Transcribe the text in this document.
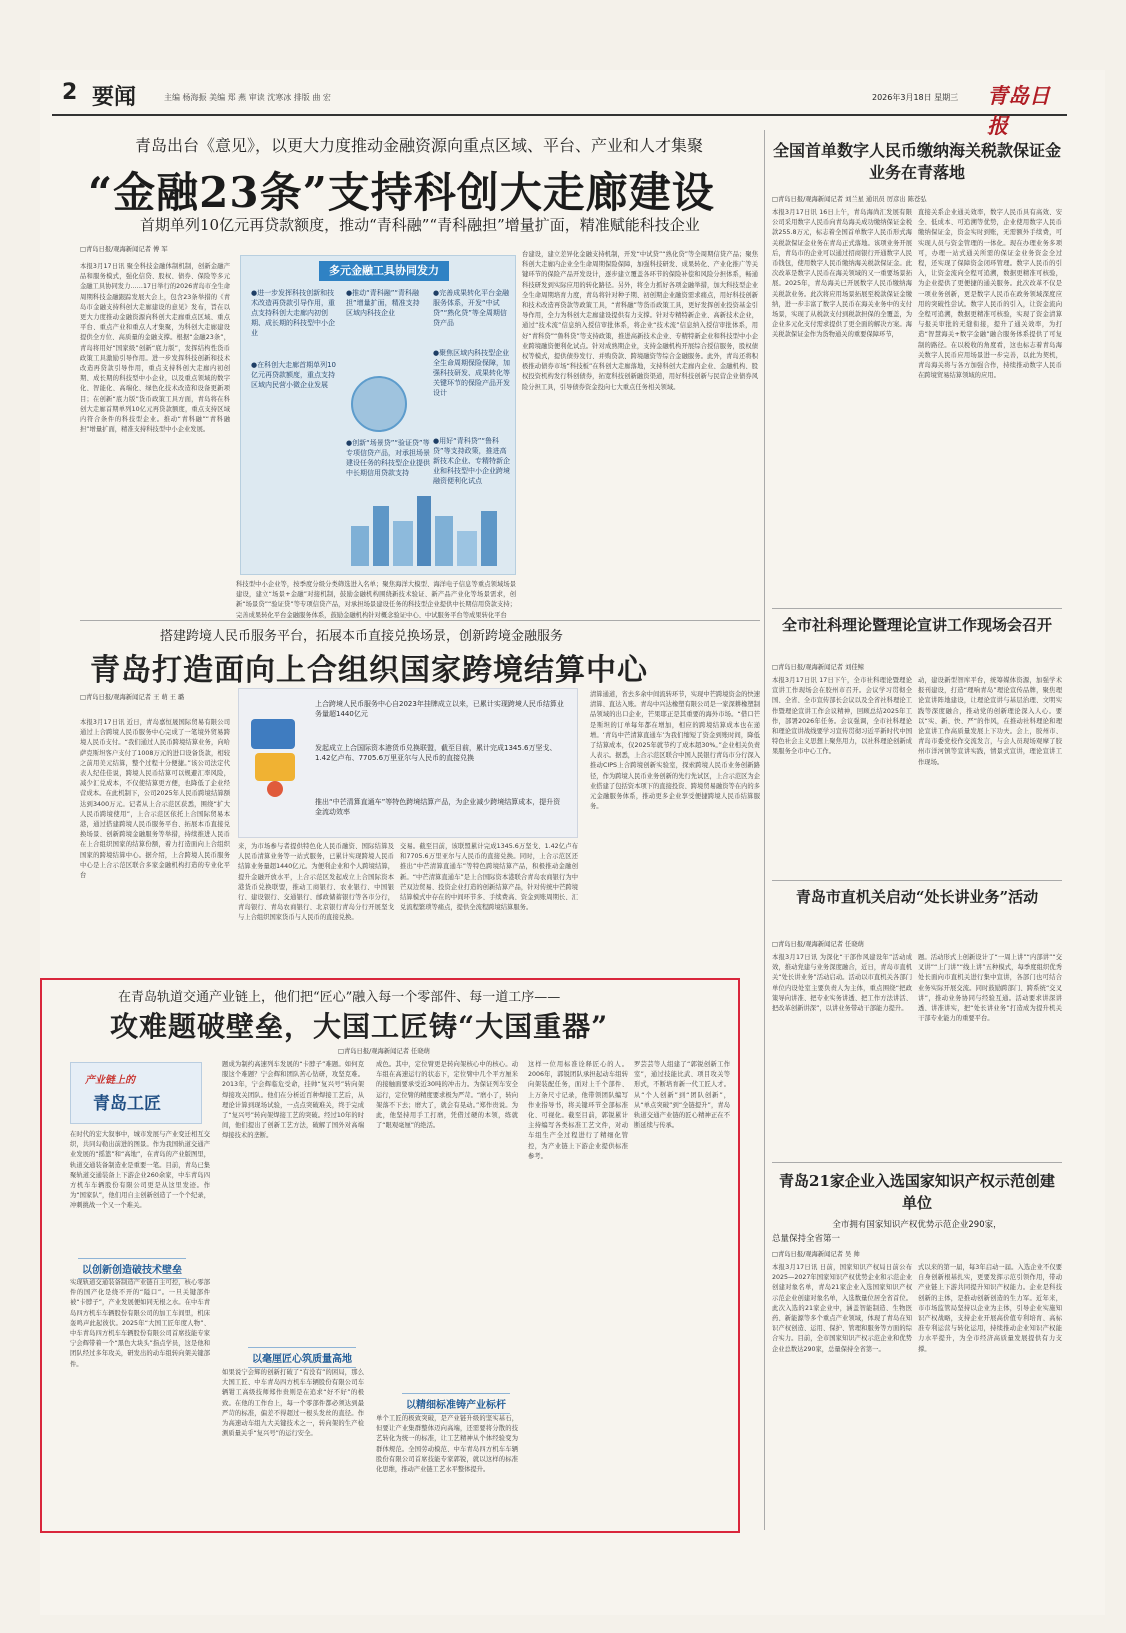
2 要闻	主编 杨海振 美编 郑 燕 审读 沈寒冰 排版 曲 宏	2026年3月18日 星期三 青岛日报
青岛出台《意见》，以更大力度推动金融资源向重点区域、平台、产业和人才集聚
“金融23条”支持科创大走廊建设
首期单列10亿元再贷款额度，推动“青科融”“青科融担”增量扩面，精准赋能科技企业
□青岛日报/观海新闻记者 傅 军
本报3月17日讯 聚全科技金融体制机制，创新金融产品和服务模式，强化信贷、股权、债券、保险等多元金融工具协同发力……17日举行的2026青岛市全生命周期科技金融跟踪发展大会上，包含23条举措的《青岛市金融支持科创大走廊建设的意见》发布，旨在以更大力度推动金融资源向科创大走廊重点区域、重点平台、重点产业和重点人才集聚，为科创大走廊建设提供全方位、高质量的金融支撑。根据“金融23条”，青岛将用好“国家级”创新“底力版”，发挥结构性货币政策工具激励引导作用。进一步发挥科技创新和技术改造再贷款引导作用，重点支持科创大走廊内初创期、成长期的科技型中小企业，以及重点领域的数字化、智能化、高端化、绿色化技术改造和设备更新项目；在创新“底力版”货币政策工具方面，青岛将在科创大走廊首期单列10亿元再贷款额度，重点支持区域内符合条件的科技型企业。推动“青科融”“青科融担”增量扩面，精准支持科技型中小企业发展。
多元金融工具协同发力
●进一步发挥科技创新和技术改造再贷款引导作用，重点支持科创大走廊内初创期、成长期的科技型中小企业
●推动“青科融”“青科融担”增量扩面，精准支持区域内科技企业
●完善成果转化平台金融服务体系，开发“中试贷”“熟化贷”等全周期信贷产品
●在科创大走廊首期单列10亿元再贷款额度，重点支持区域内民营小微企业发展
●创新“场景贷”“验证贷”等专项信贷产品，对承担场景建设任务的科技型企业提供中长期信用贷款支持
●聚焦区域内科技型企业全生命周期保险保障，加强科技研发、成果转化等关键环节的保险产品开发设计
●用好“青科贷”“鲁科贷”等支持政策，推进高新技术企业、专精特新企业和科技型中小企业跨境融资便利化试点
科技型中小企业等，按季度分级分类筛选进入名单；聚焦海洋大模型、海洋电子信息等重点领域场景建设，建立“场景+金融”对接机制，鼓励金融机构围绕新技术验证、新产品产业化等场景需求，创新“场景贷”“验证贷”等专项信贷产品，对承担场景建设任务的科技型企业提供中长期信用贷款支持；完善成果转化平台金融服务体系，鼓励金融机构针对概念验证中心、中试服务平台等成果转化平台
台建设，建立差异化金融支持机制，开发“中试贷”“熟化贷”等全周期信贷产品；聚焦科创大走廊内企业全生命周期保险保障，加强科技研发、成果转化、产业化推广等关键环节的保险产品开发设计，逐步建立覆盖各环节的保险补偿和风险分担体系，畅通科技研发到实际应用的转化路径。另外，将全力抓好各项金融举措，加大科技型企业全生命周期培育力度，青岛将针对种子期、初创期企业融资需求痛点，用好科技创新和技术改造再贷款等政策工具，“青科融”等货币政策工具，更好发挥创业投资基金引导作用，全力为科创大走廊建设提供有力支撑。针对专精特新企业、高新技术企业，通过“技术流”信息纳入授信审批体系，将企业“技术流”信息纳入授信审批体系，用好“青科贷”“鲁科贷”等支持政策，推进高新技术企业、专精特新企业和科技型中小企业跨境融资便利化试点。针对成熟期企业，支持金融机构开展综合授信服务，股权债权等模式，提供债券发行、并购贷款、跨境融资等综合金融服务。此外，青岛还将积极推动债券市场“科技板”在科创大走廊落地，支持科创大走廊内企业、金融机构、股权投资机构发行科创债券，拓宽科技创新融资渠道，用好科技创新与民营企业债券风险分担工具，引导债券资金投向七大重点任务相关领域。
全国首单数字人民币缴纳海关税款保证金业务在青落地
□青岛日报/观海新闻记者 刘兰星 通讯员 厉彦出 陈苍弘
本报3月17日讯 16日上午，青岛海尚汇发展有限公司采用数字人民币向青岛海关成功缴纳保证金税款255.8万元，标志着全国首单数字人民币形式海关税款保证金业务在青岛正式落地。该项业务开展后，青岛市的企业可以通过招商银行开通数字人民币钱包，使用数字人民币缴纳海关税款保证金。此次改革是数字人民币在海关领域的又一重要场景拓展。2025年，青岛海关已开展数字人民币缴纳海关税款业务。此次将应用场景拓展至税款保证金缴纳，进一步丰富了数字人民币在海关业务中的支付场景，实现了从税款支付到税款担保的全覆盖，为企业多元化支付需求提供了更全面的解决方案。海关税款保证金作为货物通关的重要保障环节，
直接关系企业通关效率，数字人民币具有高效、安全、低成本、可追溯等优势，企业使用数字人民币缴纳保证金，资金实时到账，无需额外手续费，可实现人员与资金管理的一体化。现在办理业务多项可，办理一站式通关所需的保证金业务资金全过程，还实现了保障资金闭环管理。数字人民币的引入，让资金流向全程可追溯，数据更精准可核验，为企业提供了更便捷的通关服务。此次改革不仅是一项业务创新，更是数字人民币在政务领域深度应用的突破性尝试。数字人民币的引入，让资金流向全程可追溯，数据更精准可核验，实现了资金清算与报关审批的无缝衔接，提升了通关效率，为打造“智慧海关+数字金融”融合服务体系提供了可复制的路径。在以税收的角度看，这也标志着青岛海关数字人民币应用场景进一步完善，以此为契机，青岛海关将与各方加强合作，持续推动数字人民币在跨境贸易结算领域的应用。
搭建跨境人民币服务平台，拓展本币直接兑换场景，创新跨境金融服务
青岛打造面向上合组织国家跨境结算中心
□青岛日报/观海新闻记者 王 萌 王 璐
本报3月17日讯 近日，青岛嘉恒晟国际贸易有限公司通过上合跨境人民币服务中心完成了一笔境外贸易跨境人民币支付。“我们通过人民币跨境结算业务，向哈萨克斯坦客户支付了1008万元的进口设备货款，相较之前用美元结算，整个过程十分便捷。”该公司法定代表人纪佳佳说，跨境人民币结算可以规避汇率风险，减少汇兑成本，不仅使结算更方便，也降低了企业经营成本。在此机制下，公司2025年人民币跨境结算额达到3400万元。记者从上合示范区获悉，围绕“扩大人民币跨境使用”，上合示范区依托上合国际贸易本港，通过搭建跨境人民币服务平台、拓展本币直接兑换场景、创新跨境金融服务等举措，持续推进人民币在上合组织国家的结算份额，着力打造面向上合组织国家的跨境结算中心。据介绍，上合跨境人民币服务中心是上合示范区联合多家金融机构打造的专业化平台
上合跨境人民币服务中心自2023年挂牌成立以来，已累计实现跨境人民币结算业务量超1440亿元
发起成立上合国际资本港货币兑换联盟，截至目前，累计完成1345.6万坚戈、1.42亿卢布、7705.6万里亚尔与人民币的直接兑换
推出“中芒清算直通车”等特色跨境结算产品，为企业减少跨境结算成本，提升资金流动效率
来，为市场参与者提供特色化人民币融资、国际结算及人民币清算业务等一站式服务，已累计实现跨境人民币结算业务量超1440亿元。为便利企业和个人跨境结算，提升金融开放水平，上合示范区发起成立上合国际资本港货币兑换联盟，推动工商银行、农业银行、中国银行、建设银行、交通银行、邮政储蓄银行等各市分行，青岛银行、青岛农商银行、北京银行青岛分行开展坚戈与上合组织国家货币与人民币的直接兑换。
交易。截至目前，该联盟累计完成1345.6万坚戈、1.42亿卢布和7705.6万里亚尔与人民币的直接兑换。同时，上合示范区还推出“中芒清算直通车”等特色跨境结算产品，积极推动金融创新。“中芒清算直通车”是上合国际资本港联合青岛农商银行为中芒双边贸易、投资企业打造的创新结算产品，针对传统中芒跨境结算模式中存在的中间环节多、手续费高、资金到账周期长、汇兑流程繁琐等痛点，提供全流程跨境结算服务。
清算通道，省去多余中间流转环节，实现中芒跨境资金的快速清算、直达入账。青岛中兴达橡塑有限公司是一家深耕橡塑制品领域的出口企业，芒果耶正是其重要的海外市场。“借口芒是斯坦的订单每年都在增加，相应的跨境结算成本也在递增。‘青岛中芒清算直通车’为我们缩短了资金到账时间，降低了结算成本，仅2025年就节约了成本超30%。”企业相关负责人表示。据悉，上合示范区联合中国人民银行青岛市分行深入推动CIPS上合跨境创新实验室，探索跨境人民币业务创新路径，作为跨境人民币业务创新的先行先试区，上合示范区为企业搭建了包括资本项下的直接投资、跨境贸易融资等在内的多元金融服务体系，推动更多企业享受便捷跨境人民币结算服务。
全市社科理论暨理论宣讲工作现场会召开
□青岛日报/观海新闻记者 刘佳鲸
本报3月17日讯 17日下午，全市社科理论暨理论宣讲工作现场会在胶州市召开。会议学习贯彻全国、全省、全市宣传部长会议以及全省社科理论工作暨理论宣讲工作会议精神，回顾总结2025年工作，部署2026年任务。会议强调，全市社科理论和理论宣讲战线要学习宣传贯彻习近平新时代中国特色社会主义思想上聚焦用力，以社科理论创新成果服务全市中心工作。
动，建设新型智库平台，统筹媒体资源，加强学术报刊建设，打造“理响青岛”理论宣传品牌，聚焦理论宣讲阵地建设，让理论宣讲与基层治理、文明实践等深度融合，推动党的创新理论深入人心。要以“实、新、快、严”的作风，在推动社科理论和理论宣讲工作高质量发展上下功夫。会上，胶州市、青岛市委党校作交流发言，与会人员现场观摩了胶州市洋河镇等宣讲实践，情景式宣讲，理论宣讲工作现场。
青岛市直机关启动“处长讲业务”活动
□青岛日报/观海新闻记者 任晓萌
本报3月17日讯 为深化“干部作风建设年”活动成效，推动党建与业务深度融合，近日，青岛市直机关“处长讲业务”活动启动。活动以市直机关各部门单位内设处室主要负责人为主体，重点围绕“把政策导向讲准、把专业实务讲透、把工作方法讲活、把改革创新讲深”，以讲业务带动干部能力提升。
题。活动形式上创新设计了“一周上讲”“内部讲”“交叉讲”“上门讲”“线上讲”五种模式，每季度组织优秀处长面向市直机关进行集中宣讲，各部门也可结合业务实际开展交流。同时鼓励跨部门、跨系统“交叉讲”，推动业务协同与经验互通。活动要求讲深讲透、讲准讲实，把“处长讲业务”打造成为提升机关干部专业能力的重要平台。
在青岛轨道交通产业链上，他们把“匠心”融入每一个零部件、每一道工序——
攻难题破壁垒，大国工匠铸“大国重器”
□青岛日报/观海新闻记者 任晓萌
产业链上的
青岛工匠
在时代的宏大叙事中，城市发展与产业变迁相互交织，共同勾勒出前进的图景。作为我国轨道交通产业发展的“摇篮”和“高地”，在青岛的产业版图里，轨道交通装备制造业是重要一笔。目前，青岛已集聚轨道交通装备上下游企业260余家，中车青岛四方机车车辆股份有限公司更是从这里发迹。作为“国家队”，他们用自主创新创造了一个个纪录，冲刺挑战一个又一个难关。
以创新创造破技术壁垒
实现轨道交通装备制造产业链自主可控，核心零部件的国产化是绕不开的“隘口”。一旦关键部件被“卡脖子”，产业发展便如同无根之水。在中车青岛四方机车车辆股份有限公司的加工车间里，机床轰鸣声此起彼伏。2025年“大国工匠年度人物”、中车青岛四方机车车辆股份有限公司首席技能专家宁会辉带着一个“黑色大块头”指点学员，这是他和团队经过多年攻关，研发出的动车组转向架关键部件。
题成为制约高速列车发展的“卡脖子”难题。如何克服这个难题？宁会辉和团队苦心钻研，攻坚克难。2013年，宁会辉临危受命，挂帅“复兴号”转向架焊接攻关团队。他们在分析近百种焊接工艺后，从理论计算到现场试验，一点点突破难关，终于完成了“复兴号”转向架焊接工艺的突破。经过10年的时间，他们提出了创新工艺方法，破解了国外对高端焊接技术的垄断。
以毫厘匠心筑质量高地
如果说宁会辉的创新打破了“有没有”的困局，那么大国工匠、中车青岛四方机车车辆股份有限公司车辆钳工高级技师郑作贵则是在追求“好不好”的极致。在他的工作台上，每一个零部件都必须达到最严苛的标准，偏差不得超过一根头发丝的直径。作为高速动车组九大关键技术之一，转向架的生产检测质量关乎“复兴号”的运行安全。
成色。其中，定位臂更是转向架核心中的核心。动车组在高速运行的状态下，定位臂中几个平方厘米的接触面要承受近30吨的冲击力。为保证列车安全运行，定位臂的精度要求极为严苛。“磨小了，转向架落不下去；磨大了，就会有晃动。”郑作贵说。为此，他坚持用手工打磨，凭借过硬的本领，练就了“眼观毫厘”的绝活。
以精细标准铸产业标杆
单个工匠的极致突破，是产业链升级的坚实基石，但要让产业集群整体迈向高端，还需要将分散的技艺转化为统一的标准，让工艺精神从个体经验变为群体规范。全国劳动模范、中车青岛四方机车车辆股份有限公司首席技能专家郭锐，就以这样的标准化思维，推动产业链工艺水平整体提升。
这样一位用标准诠释匠心的人。2006年，郭锐团队承担起动车组转向架装配任务，面对上千个部件、上万条尺寸记录，他带领团队编写作业指导书，将关键环节全部标准化、可视化。截至目前，郭锐累计主持编写各类标准工艺文件，对动车组生产全过程进行了精细化管控，为产业链上下游企业提供标准参考。
罗芸芸等人组建了“郭锐创新工作室”，通过技能比武、项目攻关等形式，不断培育新一代工匠人才。从“个人创新”到“团队创新”，从“单点突破”到“全链提升”，青岛轨道交通产业链的匠心精神正在不断延续与传承。
青岛21家企业入选国家知识产权示范创建单位
全市拥有国家知识产权优势示范企业290家，
总量保持全省第一
□青岛日报/观海新闻记者 吴 帅
本报3月17日讯 日前，国家知识产权局日前公布2025—2027年国家知识产权优势企业和示范企业创建对象名单，青岛21家企业入选国家知识产权示范企业创建对象名单，入选数量位居全省首位。此次入选的21家企业中，涵盖智能制造、生物医药、新能源等多个重点产业领域，体现了青岛在知识产权创造、运用、保护、管理和服务等方面的综合实力。目前，全市国家知识产权示范企业和优势企业总数达290家，总量保持全省第一。
式以来的第一届，每3年启动一届。入选企业不仅要自身创新根基扎实，更要发挥示范引领作用，带动产业链上下游共同提升知识产权能力。企业是科技创新的主体，是推动创新创造的生力军。近年来，市市场监管局坚持以企业为主体，引导企业实施知识产权战略，支持企业开展高价值专利培育、高标准专利运营与转化运用，持续推动企业知识产权能力水平提升，为全市经济高质量发展提供有力支撑。
